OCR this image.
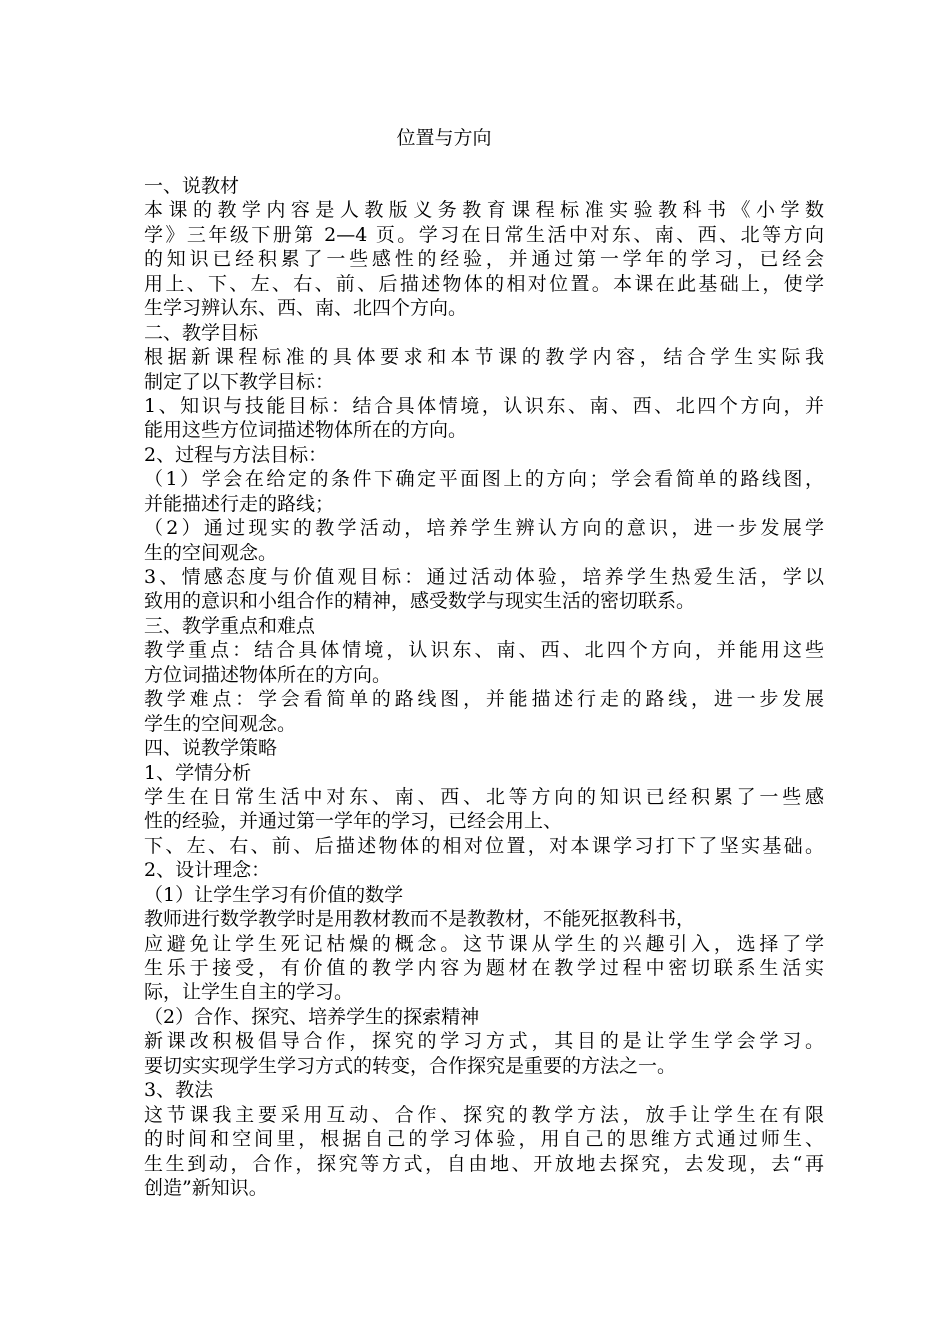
位置与方向
一、说教材
本课的教学内容是人教版义务教育课程标准实验教科书《小学数
学》三年级下册第 2—4 页。学习在日常生活中对东、南、西、北等方向
的知识已经积累了一些感性的经验，并通过第一学年的学习，已经会
用上、下、左、右、前、后描述物体的相对位置。本课在此基础上，使学
生学习辨认东、西、南、北四个方向。
二、教学目标
根据新课程标准的具体要求和本节课的教学内容，结合学生实际我
制定了以下教学目标：
1、知识与技能目标：结合具体情境，认识东、南、西、北四个方向，并
能用这些方位词描述物体所在的方向。
2、过程与方法目标：
（1）学会在给定的条件下确定平面图上的方向；学会看简单的路线图，
并能描述行走的路线；
（2）通过现实的教学活动，培养学生辨认方向的意识，进一步发展学
生的空间观念。
3、情感态度与价值观目标：通过活动体验，培养学生热爱生活，学以
致用的意识和小组合作的精神，感受数学与现实生活的密切联系。
三、教学重点和难点
教学重点：结合具体情境，认识东、南、西、北四个方向，并能用这些
方位词描述物体所在的方向。
教学难点：学会看简单的路线图，并能描述行走的路线，进一步发展
学生的空间观念。
四、说教学策略
1、学情分析
学生在日常生活中对东、南、西、北等方向的知识已经积累了一些感
性的经验，并通过第一学年的学习，已经会用上、
下、左、右、前、后描述物体的相对位置，对本课学习打下了坚实基础。
2、设计理念：
（1）让学生学习有价值的数学
教师进行数学教学时是用教材教而不是教教材，不能死抠教科书，
应避免让学生死记枯燥的概念。这节课从学生的兴趣引入，选择了学
生乐于接受，有价值的教学内容为题材在教学过程中密切联系生活实
际，让学生自主的学习。
（2）合作、探究、培养学生的探索精神
新课改积极倡导合作，探究的学习方式，其目的是让学生学会学习。
要切实实现学生学习方式的转变，合作探究是重要的方法之一。
3、教法
这节课我主要采用互动、合作、探究的教学方法，放手让学生在有限
的时间和空间里，根据自己的学习体验，用自己的思维方式通过师生、
生生到动，合作，探究等方式，自由地、开放地去探究，去发现，去“再
创造”新知识。
